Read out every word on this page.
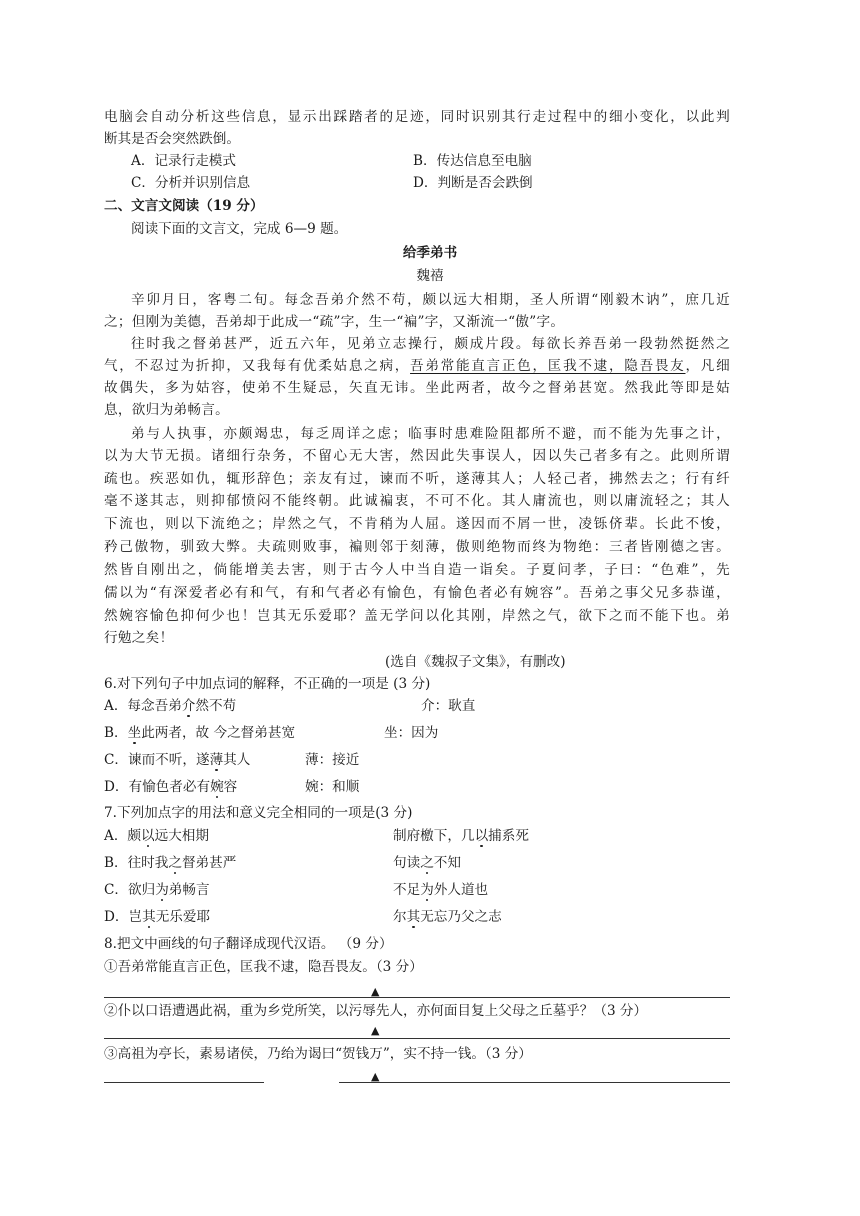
电脑会自动分析这些信息，显示出踩踏者的足迹，同时识别其行走过程中的细小变化，以此判
断其是否会突然跌倒。
A．记录行走模式	B．传达信息至电脑
C．分析并识别信息	D．判断是否会跌倒
二、文言文阅读（19 分）
阅读下面的文言文，完成 6—9 题。
给季弟书
魏禧
辛卯月日，客粤二旬。每念吾弟介然不苟，颇以远大相期，圣人所谓“刚毅木讷”，庶几近
之；但刚为美德，吾弟却于此成一“疏”字，生一“褊”字，又渐流一“傲”字。
往时我之督弟甚严，近五六年，见弟立志操行，颇成片段。每欲长养吾弟一段勃然挺然之
气，不忍过为折抑，又我每有优柔姑息之病，吾弟常能直言正色，匡我不逮，隐吾畏友，凡细
故偶失，多为姑容，使弟不生疑忌，矢直无讳。坐此两者，故今之督弟甚宽。然我此等即是姑
息，欲归为弟畅言。
弟与人执事，亦颇竭忠，每乏周详之虑；临事时患难险阻都所不避，而不能为先事之计，
以为大节无损。诸细行杂务，不留心无大害，然因此失事误人，因以失己者多有之。此则所谓
疏也。疾恶如仇，辄形辞色；亲友有过，谏而不听，遂薄其人；人轻己者，拂然去之；行有纤
毫不遂其志，则抑郁愤闷不能终朝。此诚褊衷，不可不化。其人庸流也，则以庸流轻之；其人
下流也，则以下流绝之；岸然之气，不肯稍为人屈。遂因而不屑一世，凌铄侪辈。长此不悛，
矜己傲物，驯致大弊。夫疏则败事，褊则邻于刻薄，傲则绝物而终为物绝：三者皆刚德之害。
然皆自刚出之，倘能增美去害，则于古今人中当自造一诣矣。子夏问孝，子曰：“色难”，先
儒以为“有深爱者必有和气，有和气者必有愉色，有愉色者必有婉容”。吾弟之事父兄多恭谨，
然婉容愉色抑何少也！岂其无乐爱耶？盖无学问以化其刚，岸然之气，欲下之而不能下也。弟
行勉之矣！
(选自《魏叔子文集》，有删改)
6.对下列句子中加点词的解释，不正确的一项是 (3 分)
A．每念吾弟介然不苟	介：耿直
B．坐此两者，故 今之督弟甚宽	坐：因为
C．谏而不听，遂薄其人	薄：接近
D．有愉色者必有婉容	婉：和顺
7.下列加点字的用法和意义完全相同的一项是(3 分)
A．颇以远大相期	制府檄下，几以捕系死
B．往时我之督弟甚严	句读之不知
C．欲归为弟畅言	不足为外人道也
D．岂其无乐爱耶	尔其无忘乃父之志
8.把文中画线的句子翻译成现代汉语。 （9 分）
①吾弟常能直言正色，匡我不逮，隐吾畏友。（3 分）
▲
②仆以口语遭遇此祸，重为乡党所笑，以污辱先人，亦何面目复上父母之丘墓乎？（3 分）
▲
③高祖为亭长，素易诸侯，乃绐为谒曰“贺钱万”，实不持一钱。（3 分）
▲
